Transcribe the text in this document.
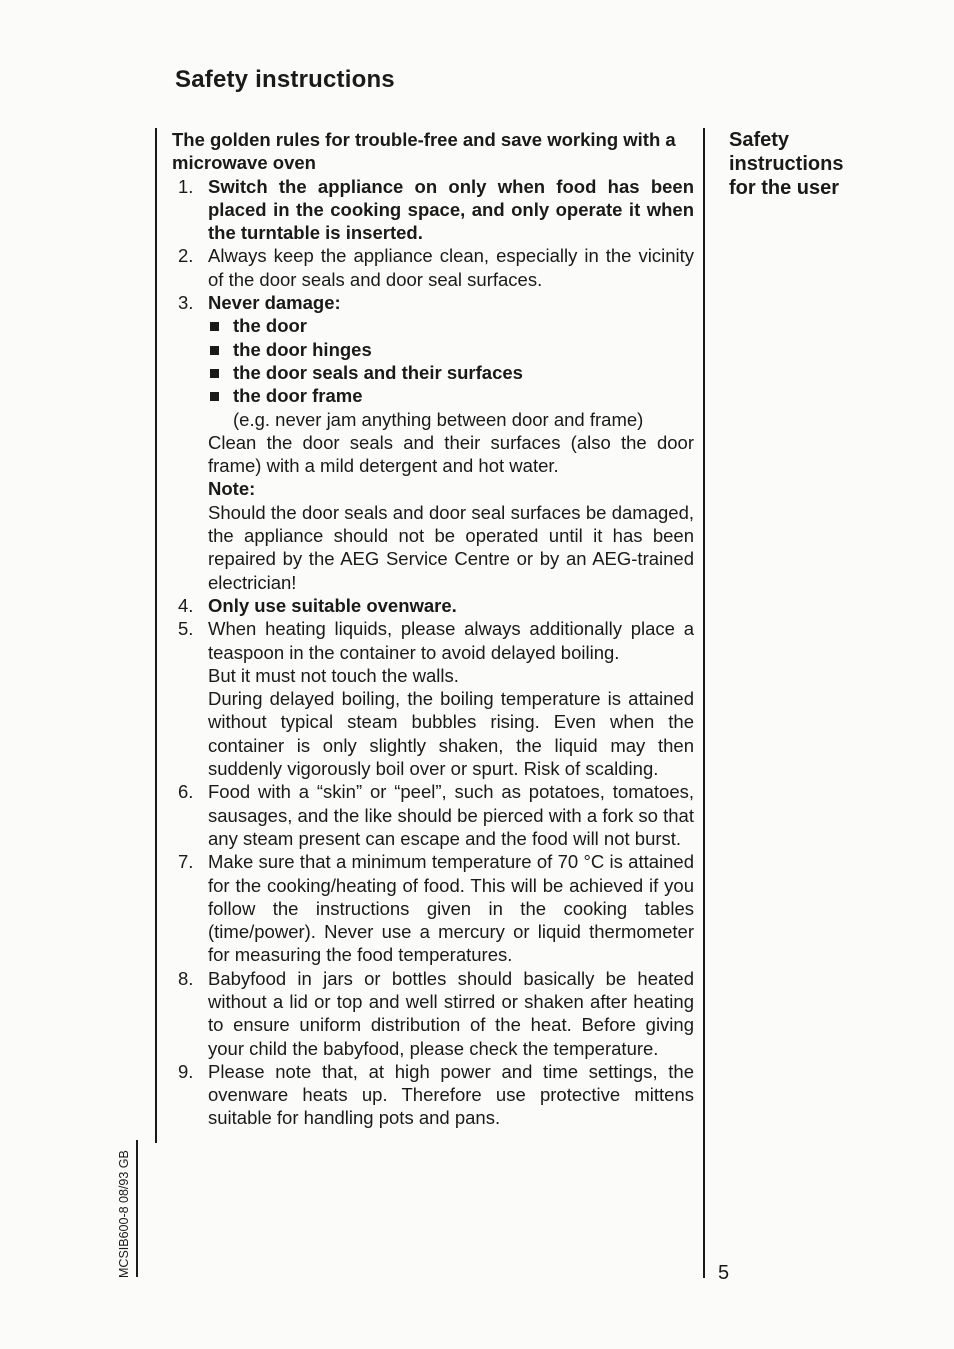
Safety instructions

The golden rules for trouble-free and save working with a microwave oven

1. Switch the appliance on only when food has been placed in the cooking space, and only operate it when the turntable is inserted.
2. Always keep the appliance clean, especially in the vicinity of the door seals and door seal surfaces.
3. Never damage:
the door
the door hinges
the door seals and their surfaces
the door frame
(e.g. never jam anything between door and frame)
Clean the door seals and their surfaces (also the door frame) with a mild detergent and hot water.
Note:
Should the door seals and door seal surfaces be damaged, the appliance should not be operated until it has been repaired by the AEG Service Centre or by an AEG-trained electrician!
4. Only use suitable ovenware.
5. When heating liquids, please always additionally place a teaspoon in the container to avoid delayed boiling.
But it must not touch the walls.
During delayed boiling, the boiling temperature is attained without typical steam bubbles rising. Even when the container is only slightly shaken, the liquid may then suddenly vigorously boil over or spurt. Risk of scalding.
6. Food with a “skin” or “peel”, such as potatoes, tomatoes, sausages, and the like should be pierced with a fork so that any steam present can escape and the food will not burst.
7. Make sure that a minimum temperature of 70 °C is attained for the cooking/heating of food. This will be achieved if you follow the instructions given in the cooking tables (time/power). Never use a mercury or liquid thermometer for measuring the food temperatures.
8. Babyfood in jars or bottles should basically be heated without a lid or top and well stirred or shaken after heating to ensure uniform distribution of the heat. Before giving your child the babyfood, please check the temperature.
9. Please note that, at high power and time settings, the ovenware heats up. Therefore use protective mittens suitable for handling pots and pans.
Safety
instructions
for the user
MCSIB600-8 08/93 GB	5
